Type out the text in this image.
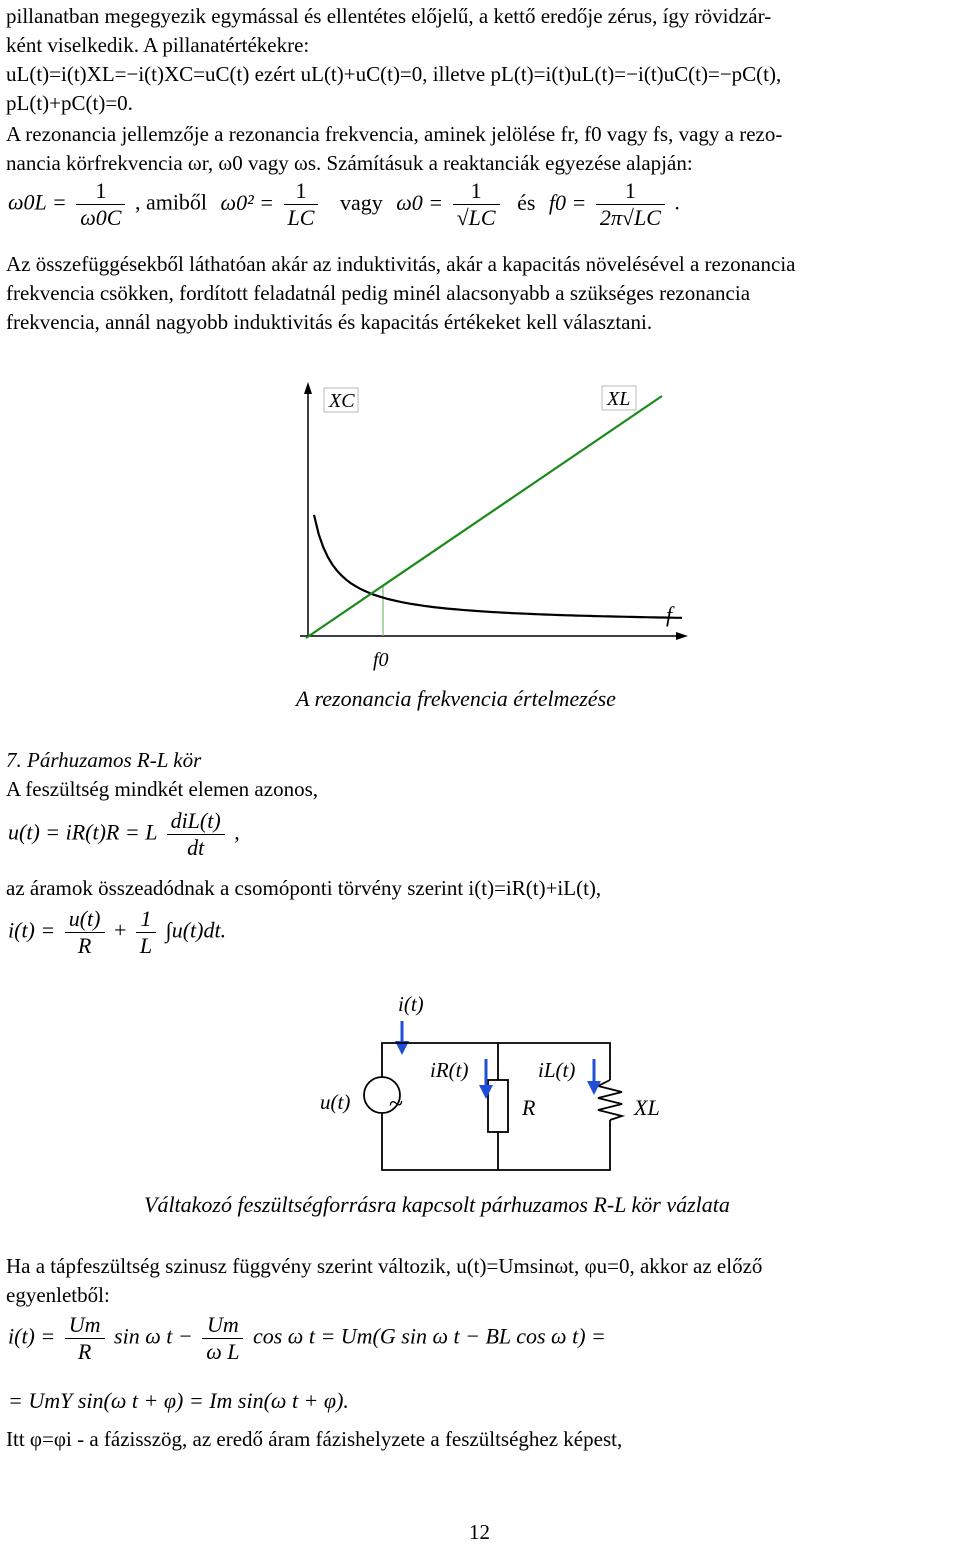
pillanatban megegyezik egymással és ellentétes előjelű, a kettő eredője zérus, így rövidzár-

ként viselkedik. A pillanatértékekre:

uL(t)=i(t)XL=−i(t)XC=uC(t) ezért uL(t)+uC(t)=0, illetve pL(t)=i(t)uL(t)=−i(t)uC(t)=−pC(t),

pL(t)+pC(t)=0.

A rezonancia jellemzője a rezonancia frekvencia, aminek jelölése fr, f0 vagy fs, vagy a rezo-

nancia körfrekvencia ωr, ω0 vagy ωs. Számításuk a reaktanciák egyezése alapján:

$\omega 0L = \frac{1}{\omega 0C}$ , amiből $\omega 0^2 = \frac{1}{LC}$ vagy $\omega 0 = \frac{1}{√LC}$ és $f0 = \frac{1}{2\pi√LC}$ .

Az összefüggésekből láthatóan akár az induktivitás, akár a kapacitás növelésével a rezonancia

frekvencia csökken, fordított feladatnál pedig minél alacsonyabb a szükséges rezonancia

frekvencia, annál nagyobb induktivitás és kapacitás értékeket kell választani.

XC	XL
f
f0
A rezonancia frekvencia értelmezése

7. Párhuzamos R-L kör

A feszültség mindkét elemen azonos,

u(t) = iR(t)R = L $\frac{\text{diL(t)}}{dt}$ ,

az áramok összeadódnak a csomóponti törvény szerint i(t)=iR(t)+iL(t),

$i(t) = \frac{u(t)}{R} + \frac{1}{L} \int u(t)dt$.
i(t)
~
u(t)
iR(t)
R
iL(t)
XL
Váltakozó feszültségforrásra kapcsolt párhuzamos R-L kör vázlata

Ha a tápfeszültség szinusz függvény szerint változik, u(t)=Umsinωt, φu=0, akkor az előző

egyenletből:

$i(t) = \frac{Um}{R}$ sin ω $t - \frac{Um}{\text{ω L}}$ cos ω t = Um(G sin ω t − BL cos ω t) =
= UmY sin(ω t + φ) = Im sin(ω t + φ).

Itt φ=φi - a fázisszög, az eredő áram fázishelyzete a feszültséghez képest,

12
